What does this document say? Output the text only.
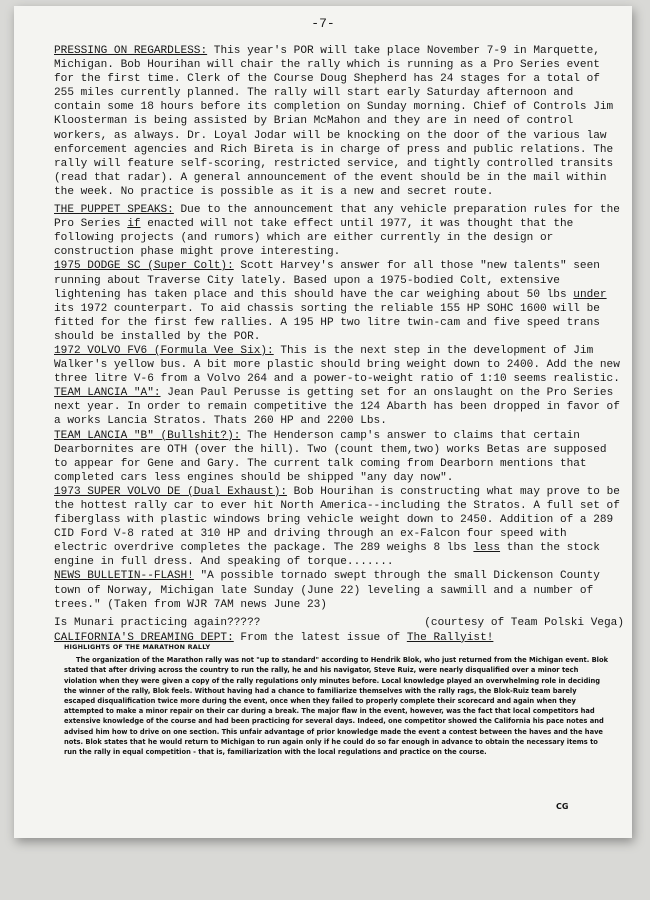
-7-

PRESSING ON REGARDLESS: This year's POR will take place November 7-9 in Marquette, Michigan. Bob Hourihan will chair the rally which is running as a Pro Series event for the first time. Clerk of the Course Doug Shepherd has 24 stages for a total of 255 miles currently planned. The rally will start early Saturday afternoon and contain some 18 hours before its completion on Sunday morning. Chief of Controls Jim Kloosterman is being assisted by Brian McMahon and they are in need of control workers, as always. Dr. Loyal Jodar will be knocking on the door of the various law enforcement agencies and Rich Bireta is in charge of press and public relations. The rally will feature self-scoring, restricted service, and tightly controlled transits (read that radar). A general announcement of the event should be in the mail within the week. No practice is possible as it is a new and secret route.

THE PUPPET SPEAKS: Due to the announcement that any vehicle preparation rules for the Pro Series if enacted will not take effect until 1977, it was thought that the following projects (and rumors) which are either currently in the design or construction phase might prove interesting.

1975 DODGE SC (Super Colt): Scott Harvey's answer for all those "new talents" seen running about Traverse City lately. Based upon a 1975-bodied Colt, extensive lightening has taken place and this should have the car weighing about 50 lbs under its 1972 counterpart. To aid chassis sorting the reliable 155 HP SOHC 1600 will be fitted for the first few rallies. A 195 HP two litre twin-cam and five speed trans should be installed by the POR.

1972 VOLVO FV6 (Formula Vee Six): This is the next step in the development of Jim Walker's yellow bus. A bit more plastic should bring weight down to 2400. Add the new three litre V-6 from a Volvo 264 and a power-to-weight ratio of 1:10 seems realistic.

TEAM LANCIA "A": Jean Paul Perusse is getting set for an onslaught on the Pro Series next year. In order to remain competitive the 124 Abarth has been dropped in favor of a works Lancia Stratos. Thats 260 HP and 2200 Lbs.

TEAM LANCIA "B" (Bullshit?): The Henderson camp's answer to claims that certain Dearbornites are OTH (over the hill). Two (count them,two) works Betas are supposed to appear for Gene and Gary. The current talk coming from Dearborn mentions that completed cars less engines should be shipped "any day now".

1973 SUPER VOLVO DE (Dual Exhaust): Bob Hourihan is constructing what may prove to be the hottest rally car to ever hit North America--including the Stratos. A full set of fiberglass with plastic windows bring vehicle weight down to 2450. Addition of a 289 CID Ford V-8 rated at 310 HP and driving through an ex-Falcon four speed with electric overdrive completes the package. The 289 weighs 8 lbs less than the stock engine in full dress. And speaking of torque.......

NEWS BULLETIN--FLASH! "A possible tornado swept through the small Dickenson County town of Norway, Michigan late Sunday (June 22) leveling a sawmill and a number of trees." (Taken from WJR 7AM news June 23)

Is Munari practicing again?????	(courtesy of Team Polski Vega)

CALIFORNIA'S DREAMING DEPT: From the latest issue of The Rallyist!

HIGHLIGHTS OF THE MARATHON RALLY

The organization of the Marathon rally was not "up to standard" according to Hendrik Blok, who just returned from the Michigan event. Blok stated that after driving across the country to run the rally, he and his navigator, Steve Ruiz, were nearly disqualified over a minor tech violation when they were given a copy of the rally regulations only minutes before. Local knowledge played an overwhelming role in deciding the winner of the rally, Blok feels. Without having had a chance to familiarize themselves with the rally rags, the Blok-Ruiz team barely escaped disqualification twice more during the event, once when they failed to properly complete their scorecard and again when they attempted to make a minor repair on their car during a break. The major flaw in the event, however, was the fact that local competitors had extensive knowledge of the course and had been practicing for several days. Indeed, one competitor showed the California his pace notes and advised him how to drive on one section. This unfair advantage of prior knowledge made the event a contest between the haves and the have nots. Blok states that he would return to Michigan to run again only if he could do so far enough in advance to obtain the necessary items to run the rally in equal competition - that is, familiarization with the local regulations and practice on the course.

CG
